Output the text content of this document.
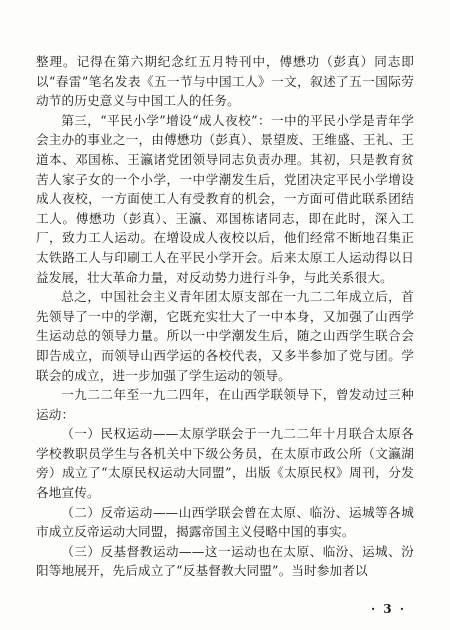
整理。记得在第六期纪念红五月特刊中，傅懋功（彭真）同志即以“春雷”笔名发表《五一节与中国工人》一文，叙述了五一国际劳动节的历史意义与中国工人的任务。

第三，“平民小学”增设“成人夜校”：一中的平民小学是青年学会主办的事业之一，由傅懋功（彭真）、景望废、王维盛、王礼、王道本、邓国栋、王瀛诸党团领导同志负责办理。其初，只是教育贫苦人家子女的一个小学，一中学潮发生后，党团决定平民小学增设成人夜校，一方面使工人有受教育的机会，一方面可借此联系团结工人。傅懋功（彭真）、王瀛、邓国栋诸同志，即在此时，深入工厂，致力工人运动。在增设成人夜校以后，他们经常不断地召集正太铁路工人与印刷工人在平民小学开会。后来太原工人运动得以日益发展，壮大革命力量，对反动势力进行斗争，与此关系很大。

总之，中国社会主义青年团太原支部在一九二二年成立后，首先领导了一中的学潮，它既充实壮大了一中本身，又加强了山西学生运动总的领导力量。所以一中学潮发生后，随之山西学生联合会即告成立，而领导山西学运的各校代表，又多半参加了党与团。学联会的成立，进一步加强了学生运动的领导。

一九二二年至一九二四年，在山西学联领导下，曾发动过三种运动：

（一）民权运动——太原学联会于一九二二年十月联合太原各学校教职员学生与各机关中下级公务员，在太原市政公所（文瀛湖旁）成立了“太原民权运动大同盟”，出版《太原民权》周刊，分发各地宣传。

（二）反帝运动——山西学联会曾在太原、临汾、运城等各城市成立反帝运动大同盟，揭露帝国主义侵略中国的事实。

（三）反基督教运动——这一运动也在太原、临汾、运城、汾阳等地展开，先后成立了“反基督教大同盟”。当时参加者以

· 3 ·
